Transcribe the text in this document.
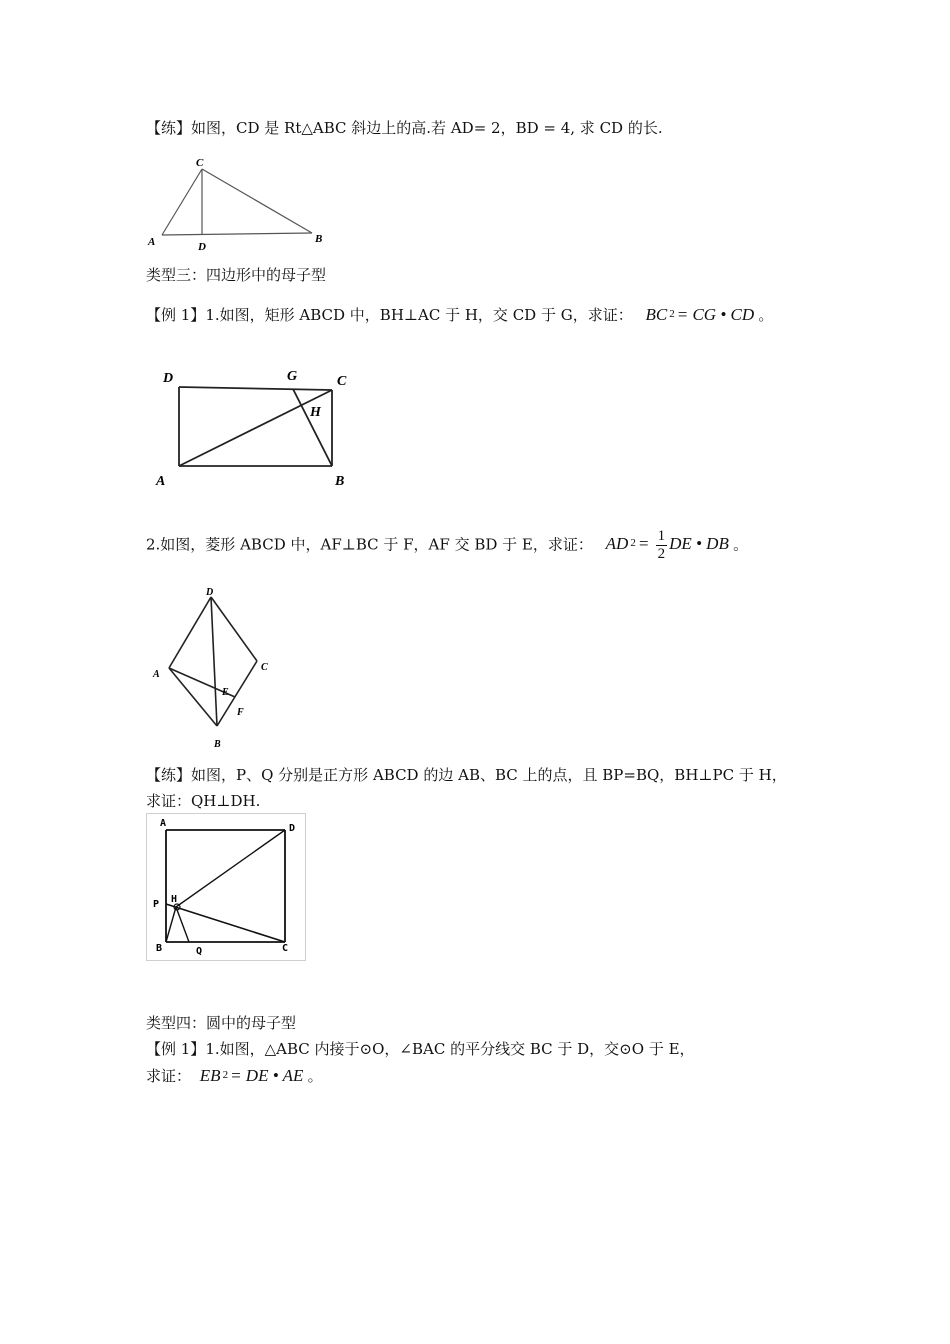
【练】如图，CD 是 Rt△ABC 斜边上的高.若 AD= 2，BD = 4, 求 CD 的长.
C
A	D
B
类型三：四边形中的母子型
【例 1】1.如图，矩形 ABCD 中，BH⊥AC 于 H，交 CD 于 G，求证： BC $^2$ = CG • CD 。
D	G	C
H
A	B
2.如图，菱形 ABCD 中，AF⊥BC 于 F，AF 交 BD 于 E，求证： AD $^2 = \frac{1}{2}$ DE • DB 。
D
A
C
E
F
B
【练】如图，P、Q 分别是正方形 ABCD 的边 AB、BC 上的点，且 BP=BQ，BH⊥PC 于 H，
求证：QH⊥DH.
A	D
P H
B	Q	C
类型四：圆中的母子型
【例 1】1.如图，△ABC 内接于⊙O，∠BAC 的平分线交 BC 于 D，交⊙O 于 E，
求证： EB $^2$ = DE • AE 。
